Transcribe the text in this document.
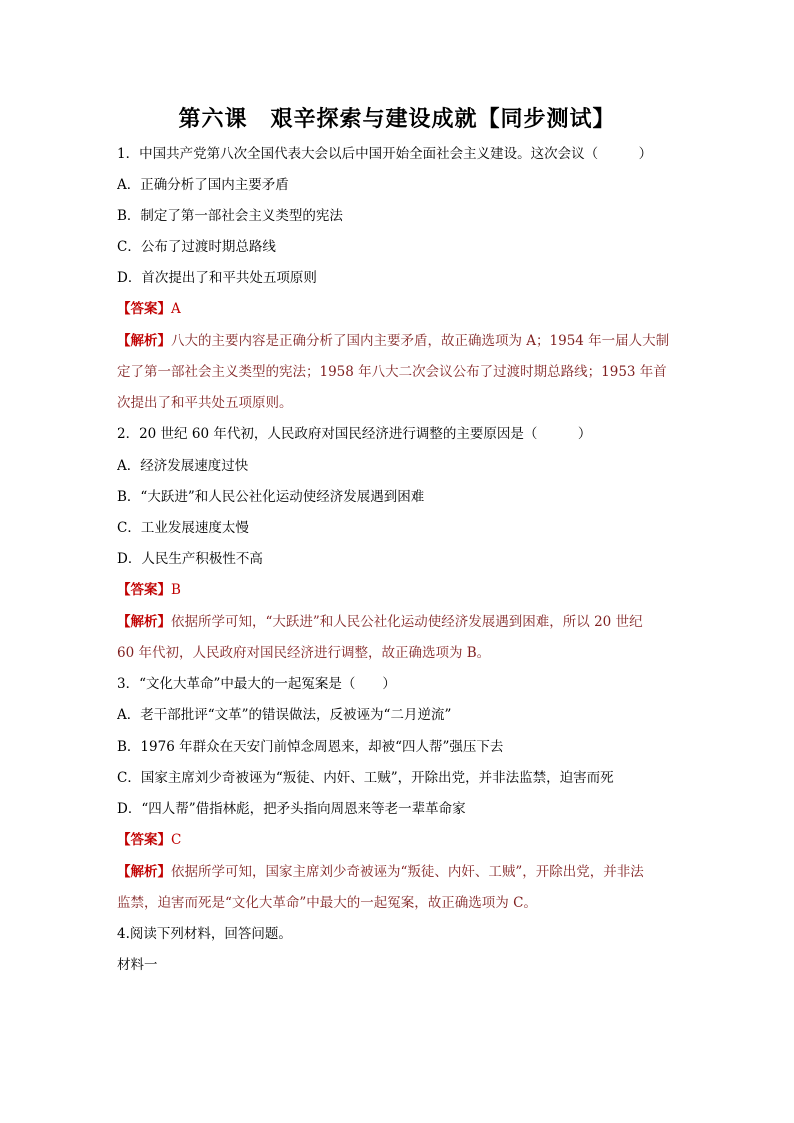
第六课　艰辛探索与建设成就【同步测试】
1．中国共产党第八次全国代表大会以后中国开始全面社会主义建设。这次会议（　　　）
A．正确分析了国内主要矛盾
B．制定了第一部社会主义类型的宪法
C．公布了过渡时期总路线
D．首次提出了和平共处五项原则
【答案】A
【解析】八大的主要内容是正确分析了国内主要矛盾，故正确选项为 A；1954 年一届人大制
定了第一部社会主义类型的宪法；1958 年八大二次会议公布了过渡时期总路线；1953 年首
次提出了和平共处五项原则。
2．20 世纪 60 年代初，人民政府对国民经济进行调整的主要原因是（　　　）
A．经济发展速度过快
B．“大跃进”和人民公社化运动使经济发展遇到困难
C．工业发展速度太慢
D．人民生产积极性不高
【答案】B
【解析】依据所学可知，“大跃进”和人民公社化运动使经济发展遇到困难，所以 20 世纪
60 年代初，人民政府对国民经济进行调整，故正确选项为 B。
3．“文化大革命”中最大的一起冤案是（　　）
A．老干部批评“文革”的错误做法，反被诬为“二月逆流”
B．1976 年群众在天安门前悼念周恩来，却被“四人帮”强压下去
C．国家主席刘少奇被诬为“叛徒、内奸、工贼”，开除出党，并非法监禁，迫害而死
D．“四人帮”借指林彪，把矛头指向周恩来等老一辈革命家
【答案】C
【解析】依据所学可知，国家主席刘少奇被诬为“叛徒、内奸、工贼”，开除出党，并非法
监禁，迫害而死是“文化大革命”中最大的一起冤案，故正确选项为 C。
4.阅读下列材料，回答问题。
材料一
